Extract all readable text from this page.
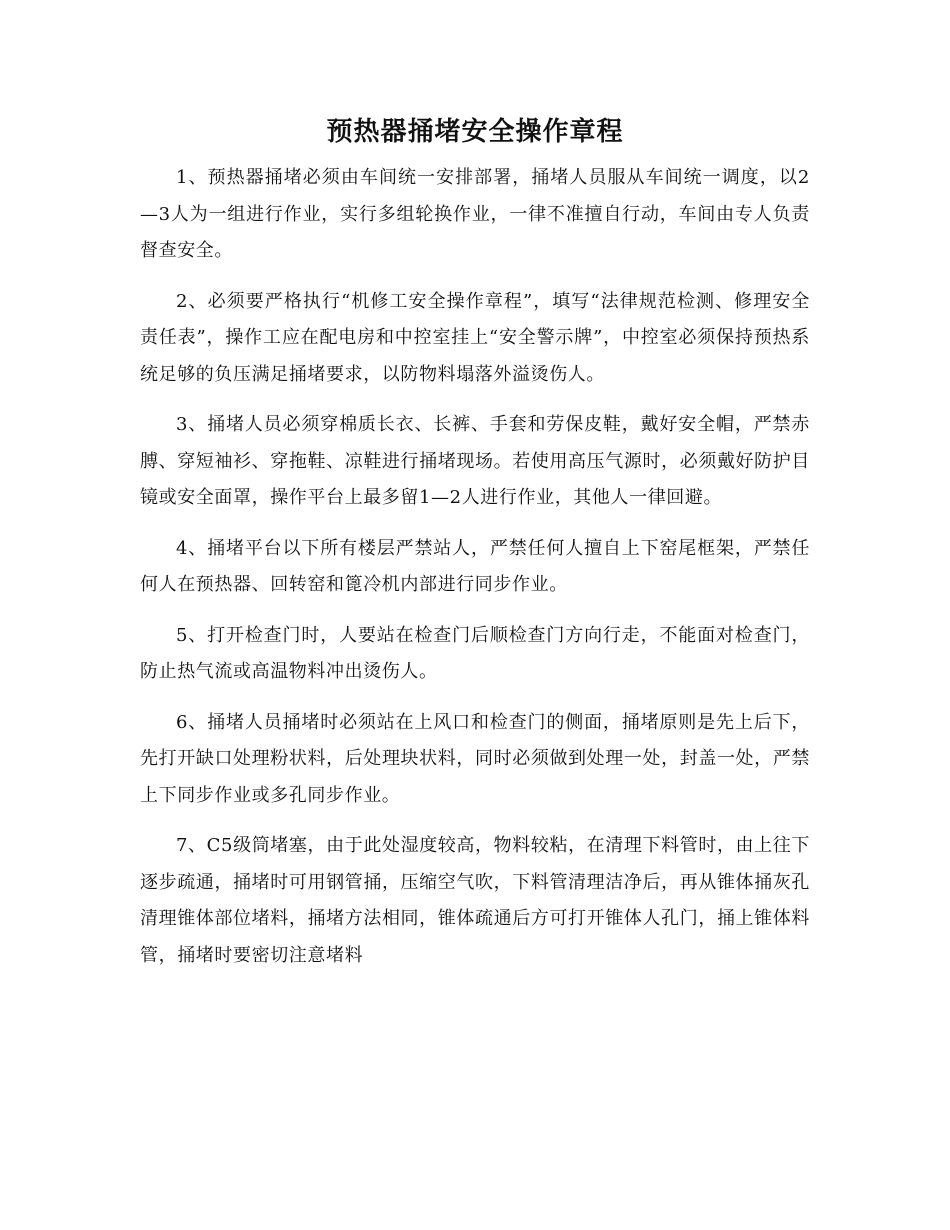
预热器捅堵安全操作章程

1、预热器捅堵必须由车间统一安排部署，捅堵人员服从车间统一调度，以2—3人为一组进行作业，实行多组轮换作业，一律不准擅自行动，车间由专人负责督查安全。

2、必须要严格执行“机修工安全操作章程”，填写“法律规范检测、修理安全责任表”，操作工应在配电房和中控室挂上“安全警示牌”，中控室必须保持预热系统足够的负压满足捅堵要求，以防物料塌落外溢烫伤人。

3、捅堵人员必须穿棉质长衣、长裤、手套和劳保皮鞋，戴好安全帽，严禁赤膊、穿短袖衫、穿拖鞋、凉鞋进行捅堵现场。若使用高压气源时，必须戴好防护目镜或安全面罩，操作平台上最多留1—2人进行作业，其他人一律回避。

4、捅堵平台以下所有楼层严禁站人，严禁任何人擅自上下窑尾框架，严禁任何人在预热器、回转窑和篦冷机内部进行同步作业。

5、打开检查门时，人要站在检查门后顺检查门方向行走，不能面对检查门，防止热气流或高温物料冲出烫伤人。

6、捅堵人员捅堵时必须站在上风口和检查门的侧面，捅堵原则是先上后下，先打开缺口处理粉状料，后处理块状料，同时必须做到处理一处，封盖一处，严禁上下同步作业或多孔同步作业。

7、C5级筒堵塞，由于此处湿度较高，物料较粘，在清理下料管时，由上往下逐步疏通，捅堵时可用钢管捅，压缩空气吹，下料管清理洁净后，再从锥体捅灰孔清理锥体部位堵料，捅堵方法相同，锥体疏通后方可打开锥体人孔门，捅上锥体料管，捅堵时要密切注意堵料
